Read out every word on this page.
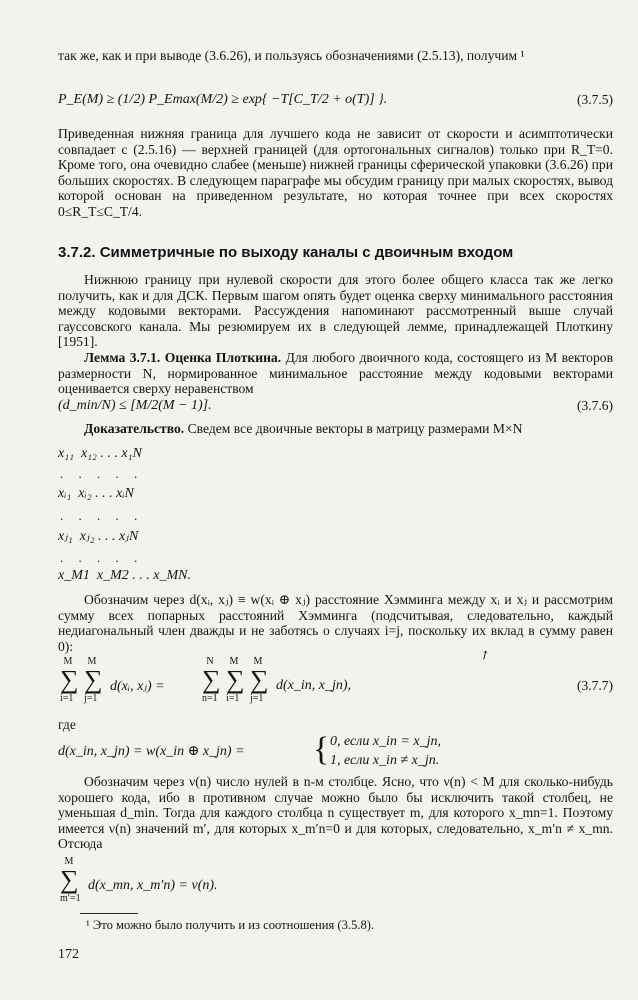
так же, как и при выводе (3.6.26), и пользуясь обозначениями (2.5.13), получим ¹

P_E(M) ≥ (1/2) P_Emax(M/2) ≥ exp{ −T[C_T/2 + o(T)] }.	(3.7.5)

Приведенная нижняя граница для лучшего кода не зависит от скорости и асимптотически совпадает с (2.5.16) — верхней границей (для ортогональных сигналов) только при R_T=0. Кроме того, она очевидно слабее (меньше) нижней границы сферической упаковки (3.6.26) при больших скоростях. В следующем параграфе мы обсудим границу при малых скоростях, вывод которой основан на приведенном результате, но которая точнее при всех скоростях 0≤R_T≤C_T/4.

3.7.2. Симметричные по выходу каналы с двоичным входом

Нижнюю границу при нулевой скорости для этого более общего класса так же легко получить, как и для ДСК. Первым шагом опять будет оценка сверху минимального расстояния между кодовыми векторами. Рассуждения напоминают рассмотренный выше случай гауссовского канала. Мы резюмируем их в следующей лемме, принадлежащей Плоткину [1951].

Лемма 3.7.1. Оценка Плоткина. Для любого двоичного кода, состоящего из M векторов размерности N, нормированное минимальное расстояние между кодовыми векторами оценивается сверху неравенством

(d_min/N) ≤ [M/2(M − 1)].	(3.7.6)

Доказательство. Сведем все двоичные векторы в матрицу размерами M×N

x₁₁  x₁₂ . . . x₁N
. . . . .
xᵢ₁  xᵢ₂ . . . xᵢN
. . . . .
xⱼ₁  xⱼ₂ . . . xⱼN
. . . . .
x_M1  x_M2 . . . x_MN.

Обозначим через d(xᵢ, xⱼ) ≡ w(xᵢ ⊕ xⱼ) расстояние Хэмминга между xᵢ и xⱼ и рассмотрим сумму всех попарных расстояний Хэмминга (подсчитывая, следовательно, каждый недиагональный член дважды и не заботясь о случаях i=j, поскольку их вклад в сумму равен 0):

↗
M
∑
i=1
M
∑
j=1
d(xᵢ, xⱼ) =
N
∑
n=1
M
∑
i=1
M
∑
j=1
d(x_in, x_jn),	(3.7.7)
где
d(x_in, x_jn) = w(x_in ⊕ x_jn) = { 0, если x_in = x_jn,
1, если x_in ≠ x_jn.

Обозначим через ν(n) число нулей в n-м столбце. Ясно, что ν(n) < M для сколько-нибудь хорошего кода, ибо в противном случае можно было бы исключить такой столбец, не уменьшая d_min. Тогда для каждого столбца n существует m, для которого x_mn=1. Поэтому имеется ν(n) значений m′, для которых x_m′n=0 и для которых, следовательно, x_m′n ≠ x_mn. Отсюда

M
∑
m′=1
d(x_mn, x_m′n) = ν(n).
¹ Это можно было получить и из соотношения (3.5.8).
172
